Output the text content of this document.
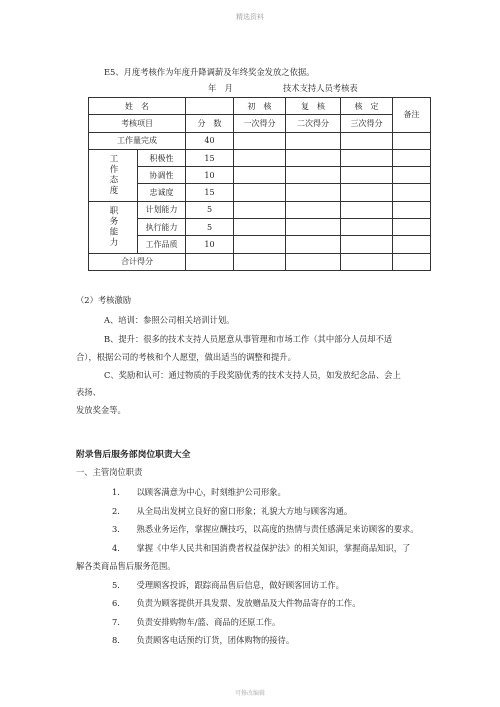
精选资料
E5、月度考核作为年度升降调薪及年终奖金发放之依据。
年　月	技术支持人员考核表
姓　名			初　核	复　核	核　定	备注
考核项目		分　数	一次得分	二次得分	三次得分	
工作量完成		40				
工作态度	积极性	15				
	协调性	10				
	忠诚度	15				
职务能力	计划能力	5				
	执行能力	5				
	工作品质	10				
合计得分						
（2）考核激励
A、培训：参照公司相关培训计划。
B、提升：很多的技术支持人员愿意从事管理和市场工作（其中部分人员却不适
合），根据公司的考核和个人愿望，做出适当的调整和提升。
C、奖励和认可：通过物质的手段奖励优秀的技术支持人员，如发放纪念品、会上
表扬、
发放奖金等。
附录售后服务部岗位职责大全
一、主管岗位职责
1.　　以顾客满意为中心，时刻维护公司形象。
2.　　从全局出发树立良好的窗口形象；礼貌大方地与顾客沟通。
3.　　熟悉业务运作，掌握应酬技巧，以高度的热情与责任感满足来访顾客的要求。
4.　　掌握《中华人民共和国消费者权益保护法》的相关知识，掌握商品知识，了
解各类商品售后服务范围。
5.　　受理顾客投诉，跟踪商品售后信息，做好顾客回访工作。
6.　　负责为顾客提供开具发票、发放赠品及大件物品寄存的工作。
7.　　负责安排购物车/篮、商品的还原工作。
8.　　负责顾客电话预约订货，团体购物的接待。
可修改编辑
